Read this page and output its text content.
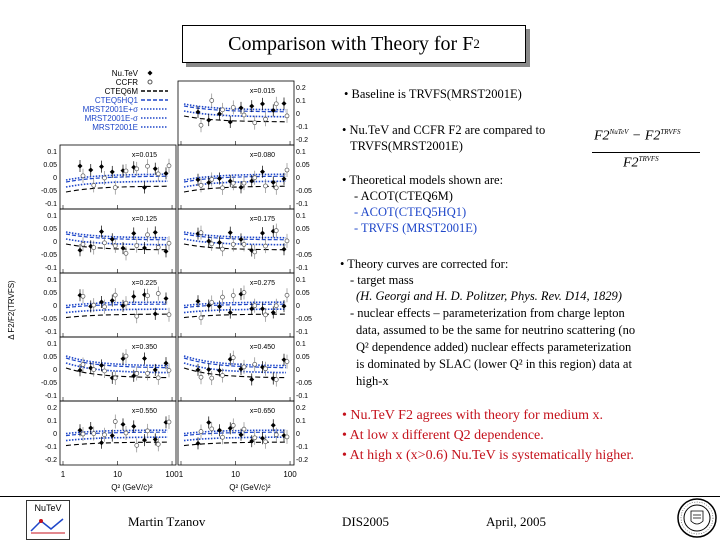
Comparison with Theory for F 2
x=0.015
0.1
0.05
0
-0.05
-0.1
x=0.125
0.1
0.05
0
-0.05
-0.1
x=0.225
0.1
0.05
0
-0.05
-0.1
x=0.350
0.1
0.05
0
-0.05
-0.1
x=0.550
0.2
0.1
0
-0.1
-0.2
x=0.015	0.2
0.1
0
-0.1
-0.2
x=0.080	0.1
0.05
0
-0.05
-0.1
x=0.175	0.1
0.05
0
-0.05
-0.1
x=0.275	0.1
0.05
0
-0.05
-0.1
x=0.450	0.1
0.05
0
-0.05
-0.1
x=0.650	0.2
0.1
0
-0.1
-0.2
1	1
10	10
100	100
Q² (GeV/c)²	Q² (GeV/c)²
Δ F2/F2(TRVFS)
Nu.TeV
CCFR
CTEQ6M
CTEQ5HQ1
MRST2001E+σ
MRST2001E-σ
MRST2001E
$F2^{NuTeV} - F2^{TRVFS}$
$F2^{TRVFS}$
• Baseline is TRVFS(MRST2001E)
• Nu.TeV and CCFR F2 are compared to
TRVFS(MRST2001E)
• Theoretical models shown are:
- ACOT(CTEQ6M)
- ACOT(CTEQ5HQ1)
- TRVFS (MRST2001E)
• Theory curves are corrected for:
- target mass
(H. Georgi and H. D. Politzer, Phys. Rev. D14, 1829)
- nuclear effects – parameterization from charge lepton
data, assumed to be the same for neutrino scattering (no
Q² dependence added) nuclear effects parameterization
is dominated by SLAC (lower Q² in this region) data at
high-x
• Nu.TeV F2 agrees with theory for medium x.
• At low x different Q2 dependence.
• At high x (x>0.6) Nu.TeV is systematically higher.
NuTeV
Martin Tzanov	DIS2005	April, 2005
